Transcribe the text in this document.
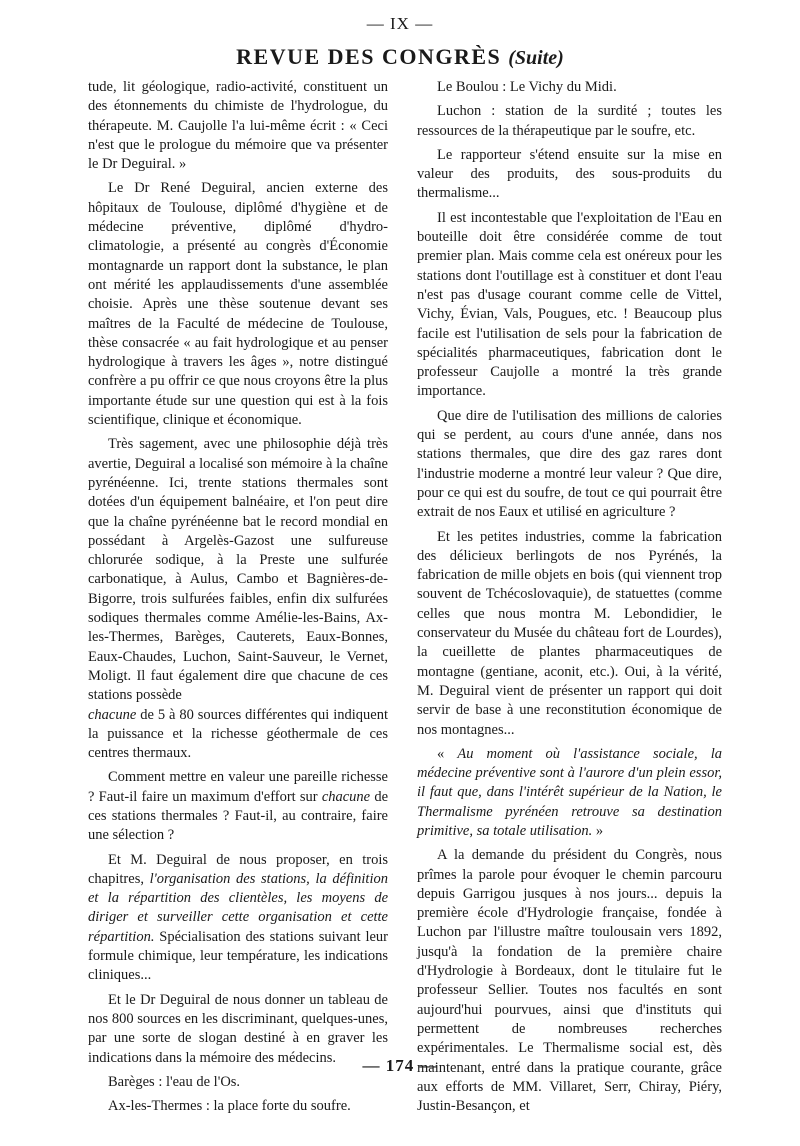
— IX —
REVUE DES CONGRÈS (Suite)

tude, lit géologique, radio-activité, constituent un des étonnements du chimiste de l'hydrologue, du thérapeute. M. Caujolle l'a lui-même écrit : « Ceci n'est que le prologue du mémoire que va présenter le Dr Deguiral. »

Le Dr René Deguiral, ancien externe des hôpitaux de Toulouse, diplômé d'hygiène et de médecine préventive, diplômé d'hydro-climatologie, a présenté au congrès d'Économie montagnarde un rapport dont la substance, le plan ont mérité les applaudissements d'une assemblée choisie. Après une thèse soutenue devant ses maîtres de la Faculté de médecine de Toulouse, thèse consacrée « au fait hydrologique et au penser hydrologique à travers les âges », notre distingué confrère a pu offrir ce que nous croyons être la plus importante étude sur une question qui est à la fois scientifique, clinique et économique.

Très sagement, avec une philosophie déjà très avertie, Deguiral a localisé son mémoire à la chaîne pyrénéenne. Ici, trente stations thermales sont dotées d'un équipement balnéaire, et l'on peut dire que la chaîne pyrénéenne bat le record mondial en possédant à Argelès-Gazost une sulfureuse chlorurée sodique, à la Preste une sulfurée carbonatique, à Aulus, Cambo et Bagnières-de-Bigorre, trois sulfurées faibles, enfin dix sulfurées sodiques thermales comme Amélie-les-Bains, Ax-les-Thermes, Barèges, Cauterets, Eaux-Bonnes, Eaux-Chaudes, Luchon, Saint-Sauveur, le Vernet, Moligt. Il faut également dire que chacune de ces stations possède

chacune de 5 à 80 sources différentes qui indiquent la puissance et la richesse géothermale de ces centres thermaux.

Comment mettre en valeur une pareille richesse ? Faut-il faire un maximum d'effort sur chacune de ces stations thermales ? Faut-il, au contraire, faire une sélection ?

Et M. Deguiral de nous proposer, en trois chapitres, l'organisation des stations, la définition et la répartition des clientèles, les moyens de diriger et surveiller cette organisation et cette répartition. Spécialisation des stations suivant leur formule chimique, leur température, les indications cliniques...

Et le Dr Deguiral de nous donner un tableau de nos 800 sources en les discriminant, quelques-unes, par une sorte de slogan destiné à en graver les indications dans la mémoire des médecins.

Barèges : l'eau de l'Os.

Ax-les-Thermes : la place forte du soufre.

Le Boulou : Le Vichy du Midi.

Luchon : station de la surdité ; toutes les ressources de la thérapeutique par le soufre, etc.

Le rapporteur s'étend ensuite sur la mise en valeur des produits, des sous-produits du thermalisme...

Il est incontestable que l'exploitation de l'Eau en bouteille doit être considérée comme de tout premier plan. Mais comme cela est onéreux pour les stations dont l'outillage est à constituer et dont l'eau n'est pas d'usage courant comme celle de Vittel, Vichy, Évian, Vals, Pougues, etc. ! Beaucoup plus facile est l'utilisation de sels pour la fabrication de spécialités pharmaceutiques, fabrication dont le professeur Caujolle a montré la très grande importance.

Que dire de l'utilisation des millions de calories qui se perdent, au cours d'une année, dans nos stations thermales, que dire des gaz rares dont l'industrie moderne a montré leur valeur ? Que dire, pour ce qui est du soufre, de tout ce qui pourrait être extrait de nos Eaux et utilisé en agriculture ?

Et les petites industries, comme la fabrication des délicieux berlingots de nos Pyrénés, la fabrication de mille objets en bois (qui viennent trop souvent de Tchécoslovaquie), de statuettes (comme celles que nous montra M. Lebondidier, le conservateur du Musée du château fort de Lourdes), la cueillette de plantes pharmaceutiques de montagne (gentiane, aconit, etc.). Oui, à la vérité, M. Deguiral vient de présenter un rapport qui doit servir de base à une reconstitution économique de nos montagnes...

« Au moment où l'assistance sociale, la médecine préventive sont à l'aurore d'un plein essor, il faut que, dans l'intérêt supérieur de la Nation, le Thermalisme pyrénéen retrouve sa destination primitive, sa totale utilisation. »

A la demande du président du Congrès, nous prîmes la parole pour évoquer le chemin parcouru depuis Garrigou jusques à nos jours... depuis la première école d'Hydrologie française, fondée à Luchon par l'illustre maître toulousain vers 1892, jusqu'à la fondation de la première chaire d'Hydrologie à Bordeaux, dont le titulaire fut le professeur Sellier. Toutes nos facultés en sont aujourd'hui pourvues, ainsi que d'instituts qui permettent de nombreuses recherches expérimentales. Le Thermalisme social est, dès maintenant, entré dans la pratique courante, grâce aux efforts de MM. Villaret, Serr, Chiray, Piéry, Justin-Besançon, et

— 174 —
